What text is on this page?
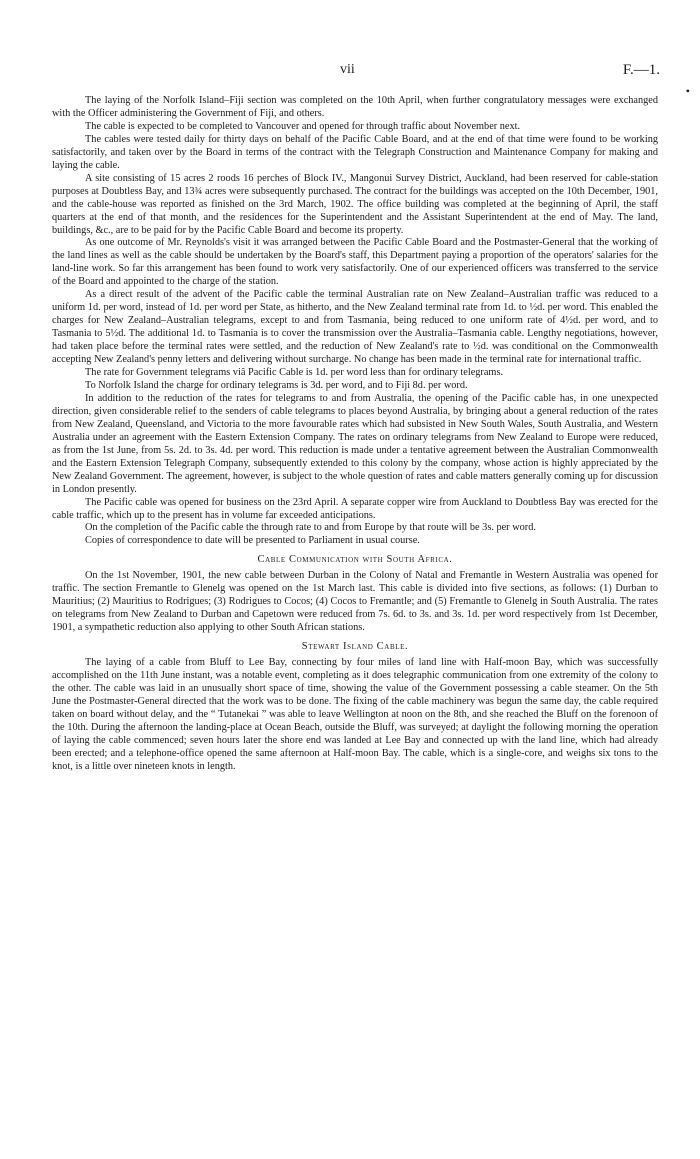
vii	F.—1.
•

The laying of the Norfolk Island–Fiji section was completed on the 10th April, when further congratulatory messages were exchanged with the Officer administering the Government of Fiji, and others.

The cable is expected to be completed to Vancouver and opened for through traffic about November next.

The cables were tested daily for thirty days on behalf of the Pacific Cable Board, and at the end of that time were found to be working satisfactorily, and taken over by the Board in terms of the contract with the Telegraph Construction and Maintenance Company for making and laying the cable.

A site consisting of 15 acres 2 roods 16 perches of Block IV., Mangonui Survey District, Auckland, had been reserved for cable-station purposes at Doubtless Bay, and 13¾ acres were subsequently purchased. The contract for the buildings was accepted on the 10th December, 1901, and the cable-house was reported as finished on the 3rd March, 1902. The office building was completed at the beginning of April, the staff quarters at the end of that month, and the residences for the Superintendent and the Assistant Superintendent at the end of May. The land, buildings, &c., are to be paid for by the Pacific Cable Board and become its property.

As one outcome of Mr. Reynolds's visit it was arranged between the Pacific Cable Board and the Postmaster-General that the working of the land lines as well as the cable should be undertaken by the Board's staff, this Department paying a proportion of the operators' salaries for the land-line work. So far this arrangement has been found to work very satisfactorily. One of our experienced officers was transferred to the service of the Board and appointed to the charge of the station.

As a direct result of the advent of the Pacific cable the terminal Australian rate on New Zealand–Australian traffic was reduced to a uniform 1d. per word, instead of 1d. per word per State, as hitherto, and the New Zealand terminal rate from 1d. to ½d. per word. This enabled the charges for New Zealand–Australian telegrams, except to and from Tasmania, being reduced to one uniform rate of 4½d. per word, and to Tasmania to 5½d. The additional 1d. to Tasmania is to cover the transmission over the Australia–Tasmania cable. Lengthy negotiations, however, had taken place before the terminal rates were settled, and the reduction of New Zealand's rate to ½d. was conditional on the Commonwealth accepting New Zealand's penny letters and delivering without surcharge. No change has been made in the terminal rate for international traffic.

The rate for Government telegrams viâ Pacific Cable is 1d. per word less than for ordinary telegrams.

To Norfolk Island the charge for ordinary telegrams is 3d. per word, and to Fiji 8d. per word.

In addition to the reduction of the rates for telegrams to and from Australia, the opening of the Pacific cable has, in one unexpected direction, given considerable relief to the senders of cable telegrams to places beyond Australia, by bringing about a general reduction of the rates from New Zealand, Queensland, and Victoria to the more favourable rates which had subsisted in New South Wales, South Australia, and Western Australia under an agreement with the Eastern Extension Company. The rates on ordinary telegrams from New Zealand to Europe were reduced, as from the 1st June, from 5s. 2d. to 3s. 4d. per word. This reduction is made under a tentative agreement between the Australian Commonwealth and the Eastern Extension Telegraph Company, subsequently extended to this colony by the company, whose action is highly appreciated by the New Zealand Government. The agreement, however, is subject to the whole question of rates and cable matters generally coming up for discussion in London presently.

The Pacific cable was opened for business on the 23rd April. A separate copper wire from Auckland to Doubtless Bay was erected for the cable traffic, which up to the present has in volume far exceeded anticipations.

On the completion of the Pacific cable the through rate to and from Europe by that route will be 3s. per word.

Copies of correspondence to date will be presented to Parliament in usual course.

Cable Communication with South Africa.

On the 1st November, 1901, the new cable between Durban in the Colony of Natal and Fremantle in Western Australia was opened for traffic. The section Fremantle to Glenelg was opened on the 1st March last. This cable is divided into five sections, as follows: (1) Durban to Mauritius; (2) Mauritius to Rodrigues; (3) Rodrigues to Cocos; (4) Cocos to Fremantle; and (5) Fremantle to Glenelg in South Australia. The rates on telegrams from New Zealand to Durban and Capetown were reduced from 7s. 6d. to 3s. and 3s. 1d. per word respectively from 1st December, 1901, a sympathetic reduction also applying to other South African stations.

Stewart Island Cable.

The laying of a cable from Bluff to Lee Bay, connecting by four miles of land line with Half-moon Bay, which was successfully accomplished on the 11th June instant, was a notable event, completing as it does telegraphic communication from one extremity of the colony to the other. The cable was laid in an unusually short space of time, showing the value of the Government possessing a cable steamer. On the 5th June the Postmaster-General directed that the work was to be done. The fixing of the cable machinery was begun the same day, the cable required taken on board without delay, and the “ Tutanekai ” was able to leave Wellington at noon on the 8th, and she reached the Bluff on the forenoon of the 10th. During the afternoon the landing-place at Ocean Beach, outside the Bluff, was surveyed; at daylight the following morning the operation of laying the cable commenced; seven hours later the shore end was landed at Lee Bay and connected up with the land line, which had already been erected; and a telephone-office opened the same afternoon at Half-moon Bay. The cable, which is a single-core, and weighs six tons to the knot, is a little over nineteen knots in length.
